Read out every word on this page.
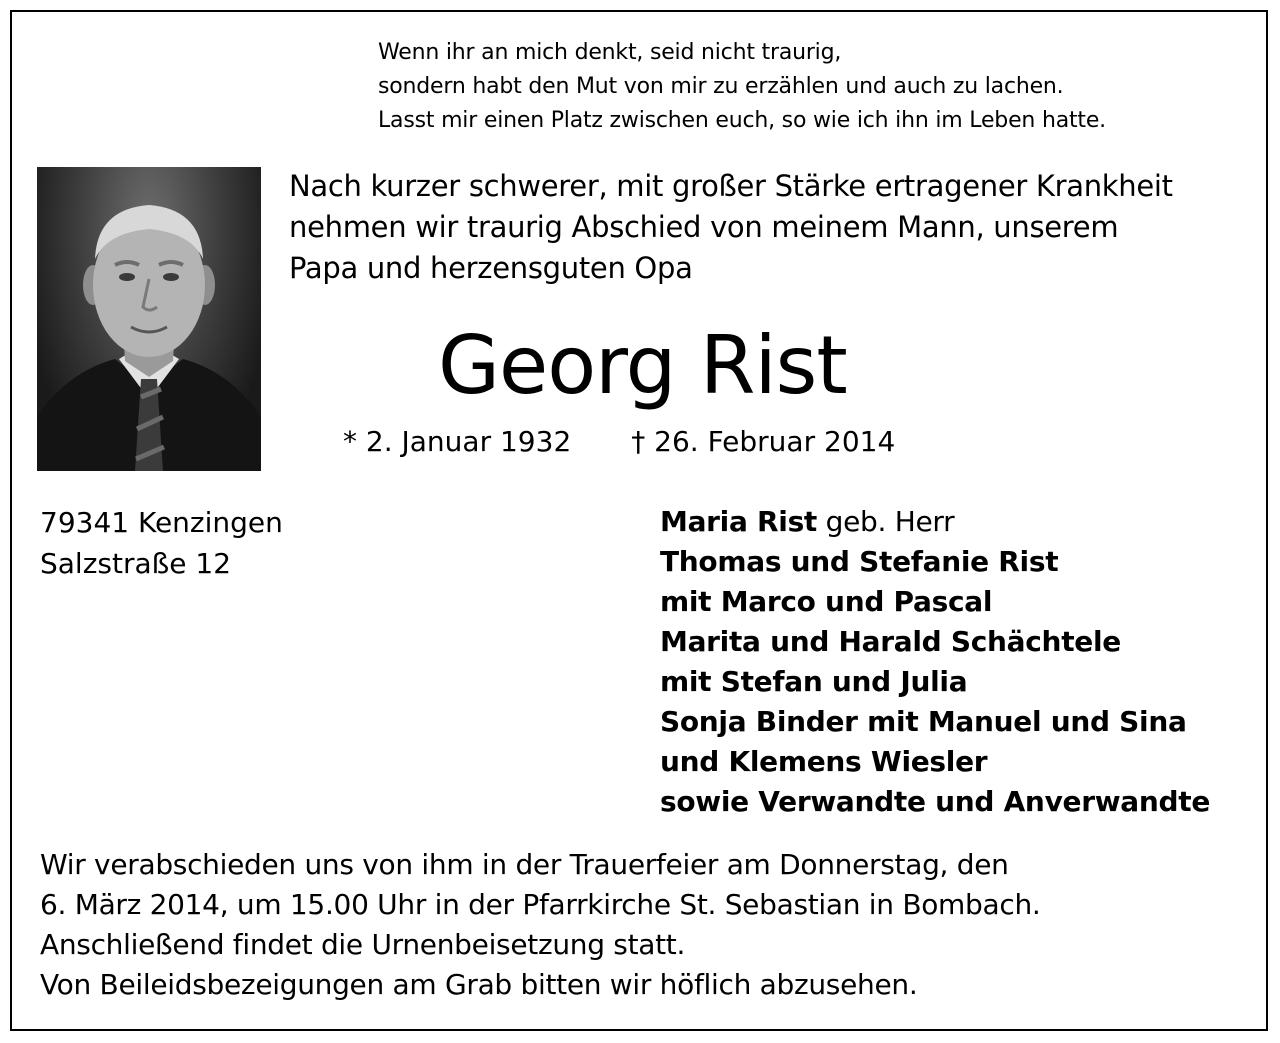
Wenn ihr an mich denkt, seid nicht traurig,
sondern habt den Mut von mir zu erzählen und auch zu lachen.
Lasst mir einen Platz zwischen euch, so wie ich ihn im Leben hatte.
Nach kurzer schwerer, mit großer Stärke ertragener Krankheit
nehmen wir traurig Abschied von meinem Mann, unserem
Papa und herzensguten Opa
Georg Rist
* 2. Januar 1932 † 26. Februar 2014
79341 Kenzingen
Salzstraße 12
Maria Rist geb. Herr
Thomas und Stefanie Rist
mit Marco und Pascal
Marita und Harald Schächtele
mit Stefan und Julia
Sonja Binder mit Manuel und Sina
und Klemens Wiesler
sowie Verwandte und Anverwandte
Wir verabschieden uns von ihm in der Trauerfeier am Donnerstag, den
6. März 2014, um 15.00 Uhr in der Pfarrkirche St. Sebastian in Bombach.
Anschließend findet die Urnenbeisetzung statt.
Von Beileidsbezeigungen am Grab bitten wir höflich abzusehen.
